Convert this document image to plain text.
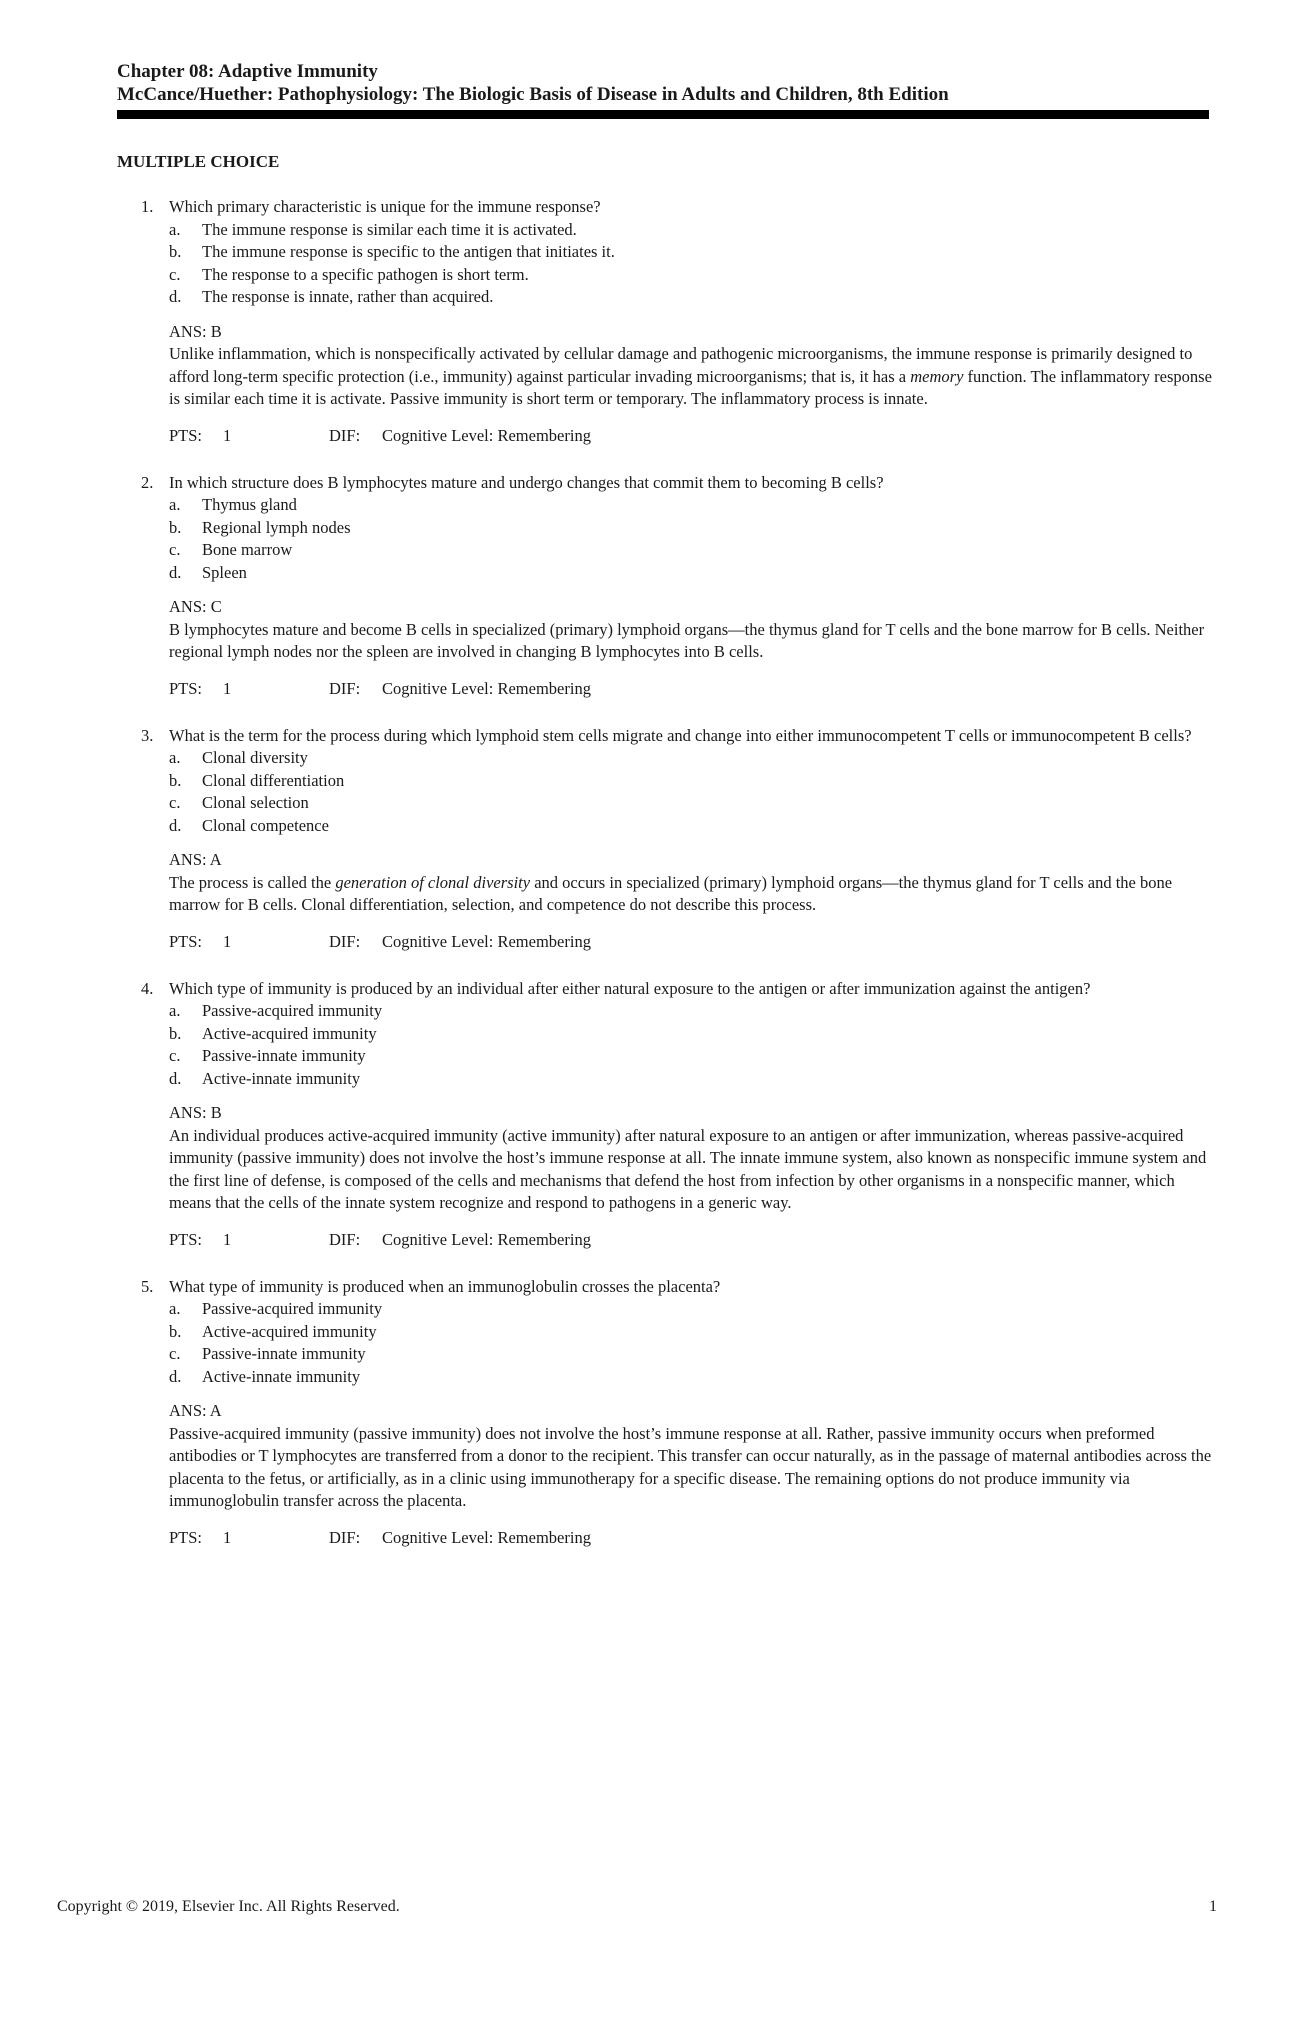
Chapter 08: Adaptive Immunity
McCance/Huether: Pathophysiology: The Biologic Basis of Disease in Adults and Children, 8th Edition
MULTIPLE CHOICE
1. Which primary characteristic is unique for the immune response?
a. The immune response is similar each time it is activated.
b. The immune response is specific to the antigen that initiates it.
c. The response to a specific pathogen is short term.
d. The response is innate, rather than acquired.
ANS: B
Unlike inflammation, which is nonspecifically activated by cellular damage and pathogenic microorganisms, the immune response is primarily designed to afford long-term specific protection (i.e., immunity) against particular invading microorganisms; that is, it has a memory function. The inflammatory response is similar each time it is activate. Passive immunity is short term or temporary. The inflammatory process is innate.
PTS: 1	DIF: Cognitive Level: Remembering
2. In which structure does B lymphocytes mature and undergo changes that commit them to becoming B cells?
a. Thymus gland
b. Regional lymph nodes
c. Bone marrow
d. Spleen
ANS: C
B lymphocytes mature and become B cells in specialized (primary) lymphoid organs—the thymus gland for T cells and the bone marrow for B cells. Neither regional lymph nodes nor the spleen are involved in changing B lymphocytes into B cells.
PTS: 1	DIF: Cognitive Level: Remembering
3. What is the term for the process during which lymphoid stem cells migrate and change into either immunocompetent T cells or immunocompetent B cells?
a. Clonal diversity
b. Clonal differentiation
c. Clonal selection
d. Clonal competence
ANS: A
The process is called the generation of clonal diversity and occurs in specialized (primary) lymphoid organs—the thymus gland for T cells and the bone marrow for B cells. Clonal differentiation, selection, and competence do not describe this process.
PTS: 1	DIF: Cognitive Level: Remembering
4. Which type of immunity is produced by an individual after either natural exposure to the antigen or after immunization against the antigen?
a. Passive-acquired immunity
b. Active-acquired immunity
c. Passive-innate immunity
d. Active-innate immunity
ANS: B
An individual produces active-acquired immunity (active immunity) after natural exposure to an antigen or after immunization, whereas passive-acquired immunity (passive immunity) does not involve the host’s immune response at all. The innate immune system, also known as nonspecific immune system and the first line of defense, is composed of the cells and mechanisms that defend the host from infection by other organisms in a nonspecific manner, which means that the cells of the innate system recognize and respond to pathogens in a generic way.
PTS: 1	DIF: Cognitive Level: Remembering
5. What type of immunity is produced when an immunoglobulin crosses the placenta?
a. Passive-acquired immunity
b. Active-acquired immunity
c. Passive-innate immunity
d. Active-innate immunity
ANS: A
Passive-acquired immunity (passive immunity) does not involve the host’s immune response at all. Rather, passive immunity occurs when preformed antibodies or T lymphocytes are transferred from a donor to the recipient. This transfer can occur naturally, as in the passage of maternal antibodies across the placenta to the fetus, or artificially, as in a clinic using immunotherapy for a specific disease. The remaining options do not produce immunity via immunoglobulin transfer across the placenta.
PTS: 1	DIF: Cognitive Level: Remembering
Copyright © 2019, Elsevier Inc. All Rights Reserved.	1
